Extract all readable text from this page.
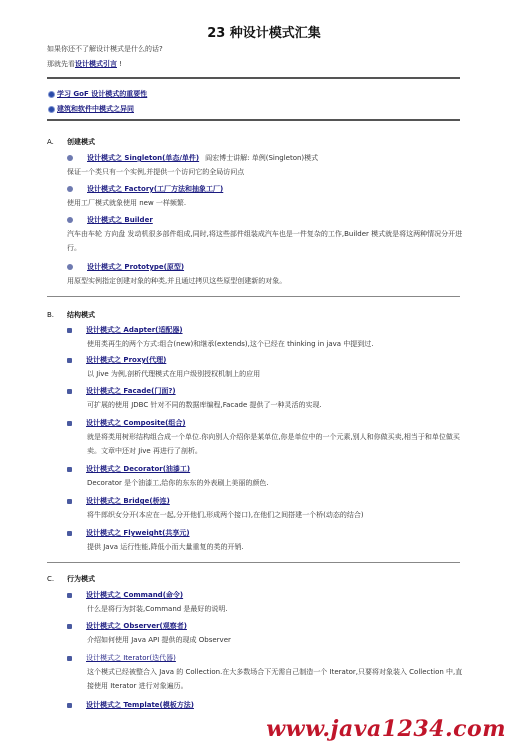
23 种设计模式汇集
如果你还不了解设计模式是什么的话?
那就先看设计模式引言 !
学习 GoF 设计模式的重要性
建筑和软件中模式之异同
A. 创建模式
设计模式之 Singleton(单态/单件) 阎宏博士讲解: 单例(Singleton)模式
保证一个类只有一个实例,并提供一个访问它的全局访问点
设计模式之 Factory(工厂方法和抽象工厂)
使用工厂模式就象使用 new 一样频繁.
设计模式之 Builder
汽车由车轮 方向盘 发动机很多部件组成,同时,将这些部件组装成汽车也是一件复杂的工作,Builder 模式就是将这两种情况分开进行。
设计模式之 Prototype(原型)
用原型实例指定创建对象的种类,并且通过拷贝这些原型创建新的对象。
B. 结构模式
设计模式之 Adapter(适配器)
使用类再生的两个方式:组合(new)和继承(extends),这个已经在 thinking in java 中提到过.
设计模式之 Proxy(代理)
以 Jive 为例,剖析代理模式在用户级别授权机制上的应用
设计模式之 Facade(门面?)
可扩展的使用 JDBC 针对不同的数据库编程,Facade 提供了一种灵活的实现.
设计模式之 Composite(组合)
就是将类用树形结构组合成一个单位.你向别人介绍你是某单位,你是单位中的一个元素,别人和你做买卖,相当于和单位做买卖。文章中还对 Jive 再进行了剖析。
设计模式之 Decorator(油漆工)
Decorator 是个油漆工,给你的东东的外表刷上美丽的颜色.
设计模式之 Bridge(桥连)
将牛郎织女分开(本应在一起,分开他们,形成两个接口),在他们之间搭建一个桥(动态的结合)
设计模式之 Flyweight(共享元)
提供 Java 运行性能,降低小而大量重复的类的开销.
C. 行为模式
设计模式之 Command(命令)
什么是将行为封装,Command 是最好的说明.
设计模式之 Observer(观察者)
介绍如何使用 Java API 提供的现成 Observer
设计模式之 Iterator(迭代器)
这个模式已经被整合入 Java 的 Collection.在大多数场合下无需自己制造一个 Iterator,只要将对象装入 Collection 中,直接使用 Iterator 进行对象遍历。
设计模式之 Template(模板方法)
www.java1234.com
